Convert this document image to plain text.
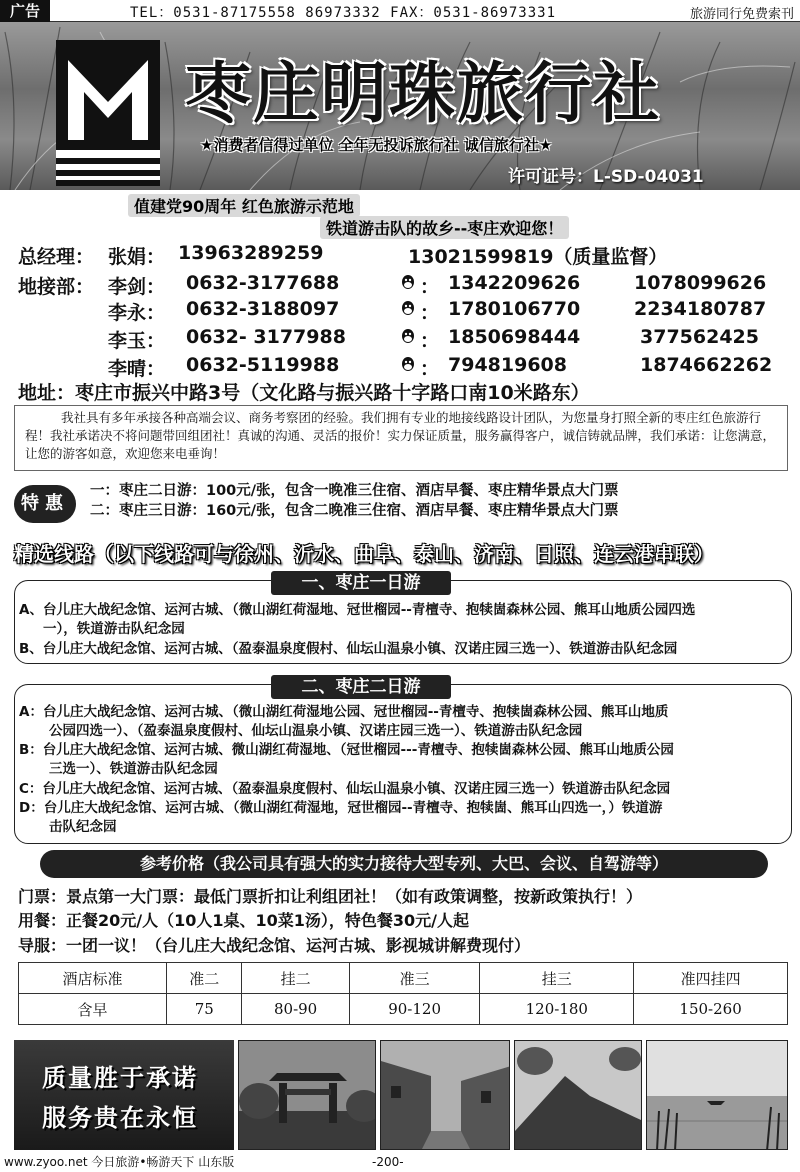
广告	TEL：0531-87175558 86973332 FAX：0531-86973331	旅游同行免费索刊
枣庄明珠旅行社
★消费者信得过单位 全年无投诉旅行社 诚信旅行社★
许可证号：L-SD-04031
值建党90周年 红色旅游示范地
铁道游击队的故乡--枣庄欢迎您！
总经理： 张娟： 13963289259	13021599819（质量监督）
地接部： 李剑： 0632-3177688	： 1342209626	1078099626
李永： 0632-3188097	： 1780106770	2234180787
李玉： 0632- 3177988	： 1850698444	377562425
李晴： 0632-5119988	： 794819608	1874662262
地址：枣庄市振兴中路3号（文化路与振兴路十字路口南10米路东）
我社具有多年承接各种高端会议、商务考察团的经验。我们拥有专业的地接线路设计团队，为您量身打照全新的枣庄红色旅游行程！我社承诺决不将问题带回组团社！真诚的沟通、灵活的报价！实力保证质量，服务赢得客户，诚信铸就品牌，我们承诺：让您满意，让您的游客如意，欢迎您来电垂询！
特惠
一：枣庄二日游：100元/张，包含一晚准三住宿、酒店早餐、枣庄精华景点大门票
二：枣庄三日游：160元/张，包含二晚准三住宿、酒店早餐、枣庄精华景点大门票
精选线路（以下线路可与徐州、沂水、曲阜、泰山、济南、日照、连云港串联）
一、枣庄一日游
A、台儿庄大战纪念馆、运河古城、（微山湖红荷湿地、冠世榴园--青檀寺、抱犊崮森林公园、熊耳山地质公园四选
一），铁道游击队纪念园
B、台儿庄大战纪念馆、运河古城、（盈泰温泉度假村、仙坛山温泉小镇、汉诺庄园三选一）、铁道游击队纪念园
二、枣庄二日游
A：台儿庄大战纪念馆、运河古城、（微山湖红荷湿地公园、冠世榴园--青檀寺、抱犊崮森林公园、熊耳山地质
公园四选一）、（盈泰温泉度假村、仙坛山温泉小镇、汉诺庄园三选一）、铁道游击队纪念园
B：台儿庄大战纪念馆、运河古城、微山湖红荷湿地、（冠世榴园---青檀寺、抱犊崮森林公园、熊耳山地质公园
三选一）、铁道游击队纪念园
C：台儿庄大战纪念馆、运河古城、（盈泰温泉度假村、仙坛山温泉小镇、汉诺庄园三选一）铁道游击队纪念园
D：台儿庄大战纪念馆、运河古城、（微山湖红荷湿地，冠世榴园--青檀寺、抱犊崮、熊耳山四选一，）铁道游
击队纪念园
参考价格（我公司具有强大的实力接待大型专列、大巴、会议、自驾游等）
门票：景点第一大门票：最低门票折扣让利组团社！（如有政策调整，按新政策执行！）
用餐：正餐20元/人（10人1桌、10菜1汤），特色餐30元/人起
导服：一团一议！（台儿庄大战纪念馆、运河古城、影视城讲解费现付）
酒店标准	准二	挂二	准三	挂三	准四挂四
含早	75	80-90	90-120	120-180	150-260
质量胜于承诺
服务贵在永恒
www.zyoo.net 今日旅游•畅游天下 山东版	-200-
